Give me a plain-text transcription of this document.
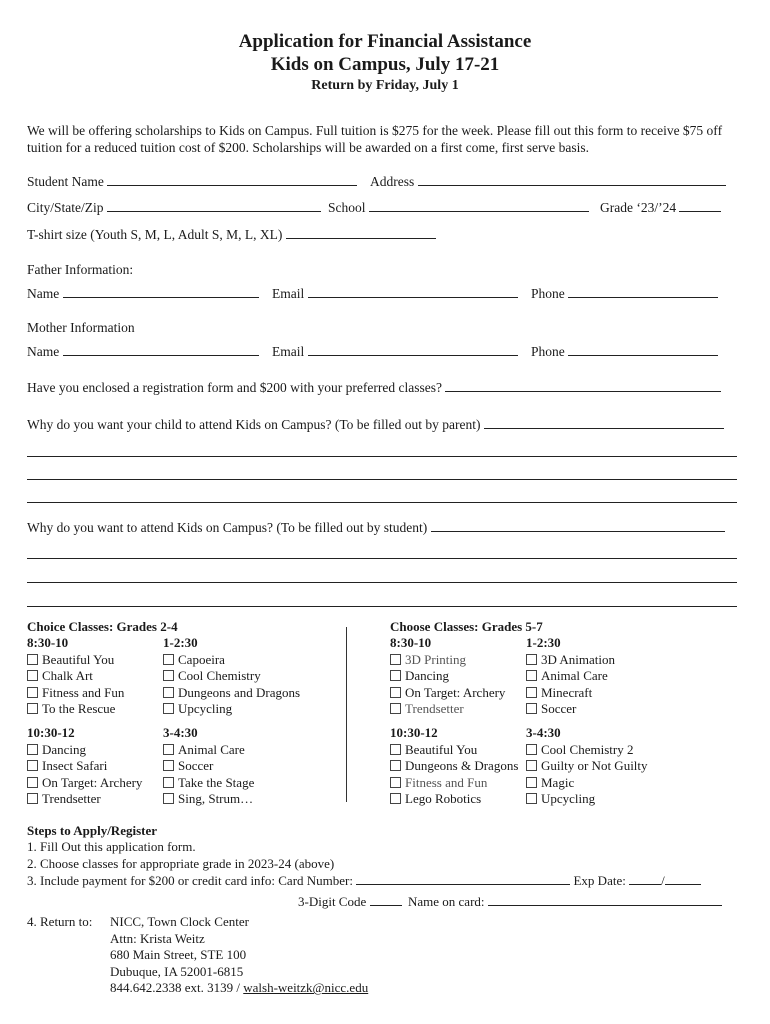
Application for Financial Assistance
Kids on Campus, July 17-21
Return by Friday, July 1
We will be offering scholarships to Kids on Campus. Full tuition is $275 for the week. Please fill out this form to receive $75 off tuition for a reduced tuition cost of $200. Scholarships will be awarded on a first come, first serve basis.
Student Name	Address
City/State/Zip	School	Grade ‘23/’24
T-shirt size (Youth S, M, L, Adult S, M, L, XL)
Father Information:
Name	Email	Phone
Mother Information
Name	Email	Phone
Have you enclosed a registration form and $200 with your preferred classes?
Why do you want your child to attend Kids on Campus? (To be filled out by parent)
Why do you want to attend Kids on Campus? (To be filled out by student)
Choice Classes: Grades 2-4
8:30-10
Beautiful You
Chalk Art
Fitness and Fun
To the Rescue
1-2:30
Capoeira
Cool Chemistry
Dungeons and Dragons
Upcycling
10:30-12
Dancing
Insect Safari
On Target: Archery
Trendsetter
3-4:30
Animal Care
Soccer
Take the Stage
Sing, Strum…
Choose Classes: Grades 5-7
8:30-10
3D Printing
Dancing
On Target: Archery
Trendsetter
1-2:30
3D Animation
Animal Care
Minecraft
Soccer
10:30-12
Beautiful You
Dungeons & Dragons
Fitness and Fun
Lego Robotics
3-4:30
Cool Chemistry 2
Guilty or Not Guilty
Magic
Upcycling
Steps to Apply/Register
1. Fill Out this application form.
2. Choose classes for appropriate grade in 2023-24 (above)
3. Include payment for $200 or credit card info: Card Number:	Exp Date:	/
3-Digit Code	Name on card:
4. Return to: NICC, Town Clock Center
Attn: Krista Weitz
680 Main Street, STE 100
Dubuque, IA 52001-6815
844.642.2338 ext. 3139 / walsh-weitzk@nicc.edu
